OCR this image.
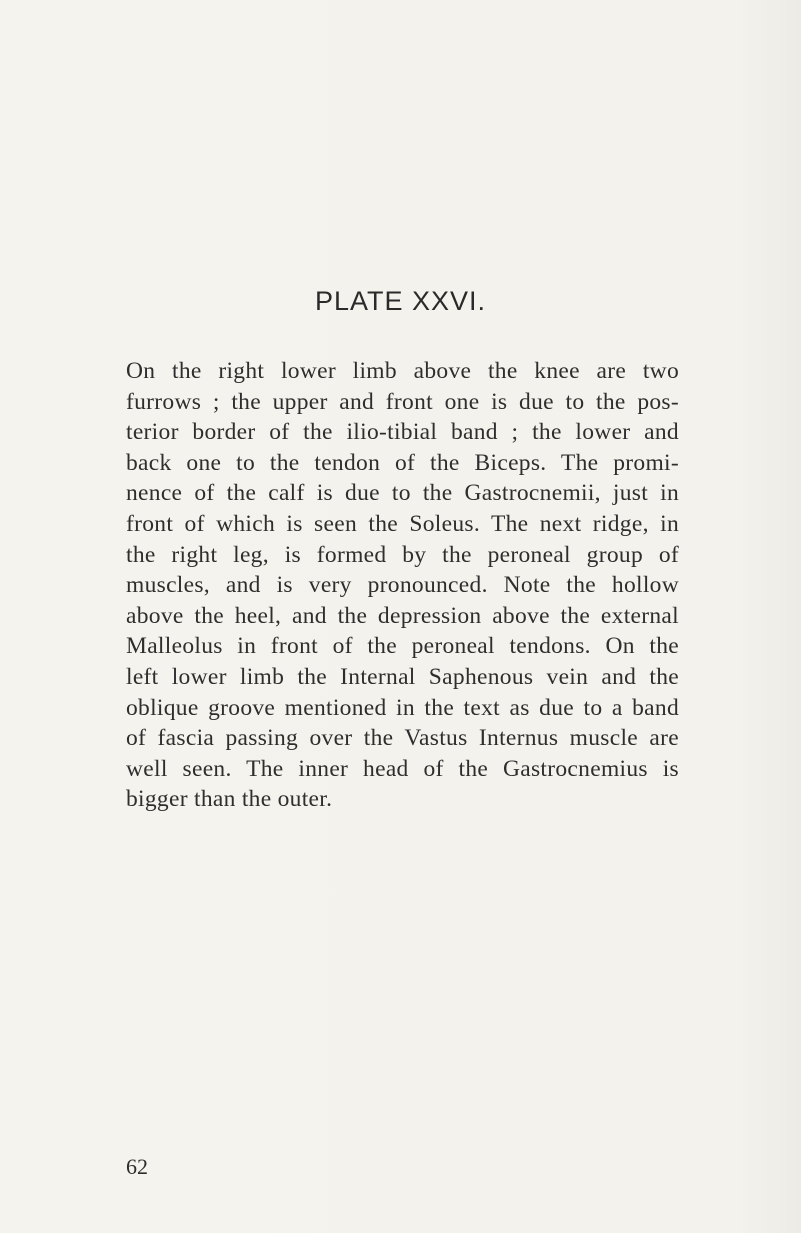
PLATE XXVI.
On the right lower limb above the knee are two
furrows ; the upper and front one is due to the pos-
terior border of the ilio-tibial band ; the lower and
back one to the tendon of the Biceps. The promi-
nence of the calf is due to the Gastrocnemii, just in
front of which is seen the Soleus. The next ridge, in
the right leg, is formed by the peroneal group of
muscles, and is very pronounced. Note the hollow
above the heel, and the depression above the external
Malleolus in front of the peroneal tendons. On the
left lower limb the Internal Saphenous vein and the
oblique groove mentioned in the text as due to a band
of fascia passing over the Vastus Internus muscle are
well seen. The inner head of the Gastrocnemius is
bigger than the outer.
62
